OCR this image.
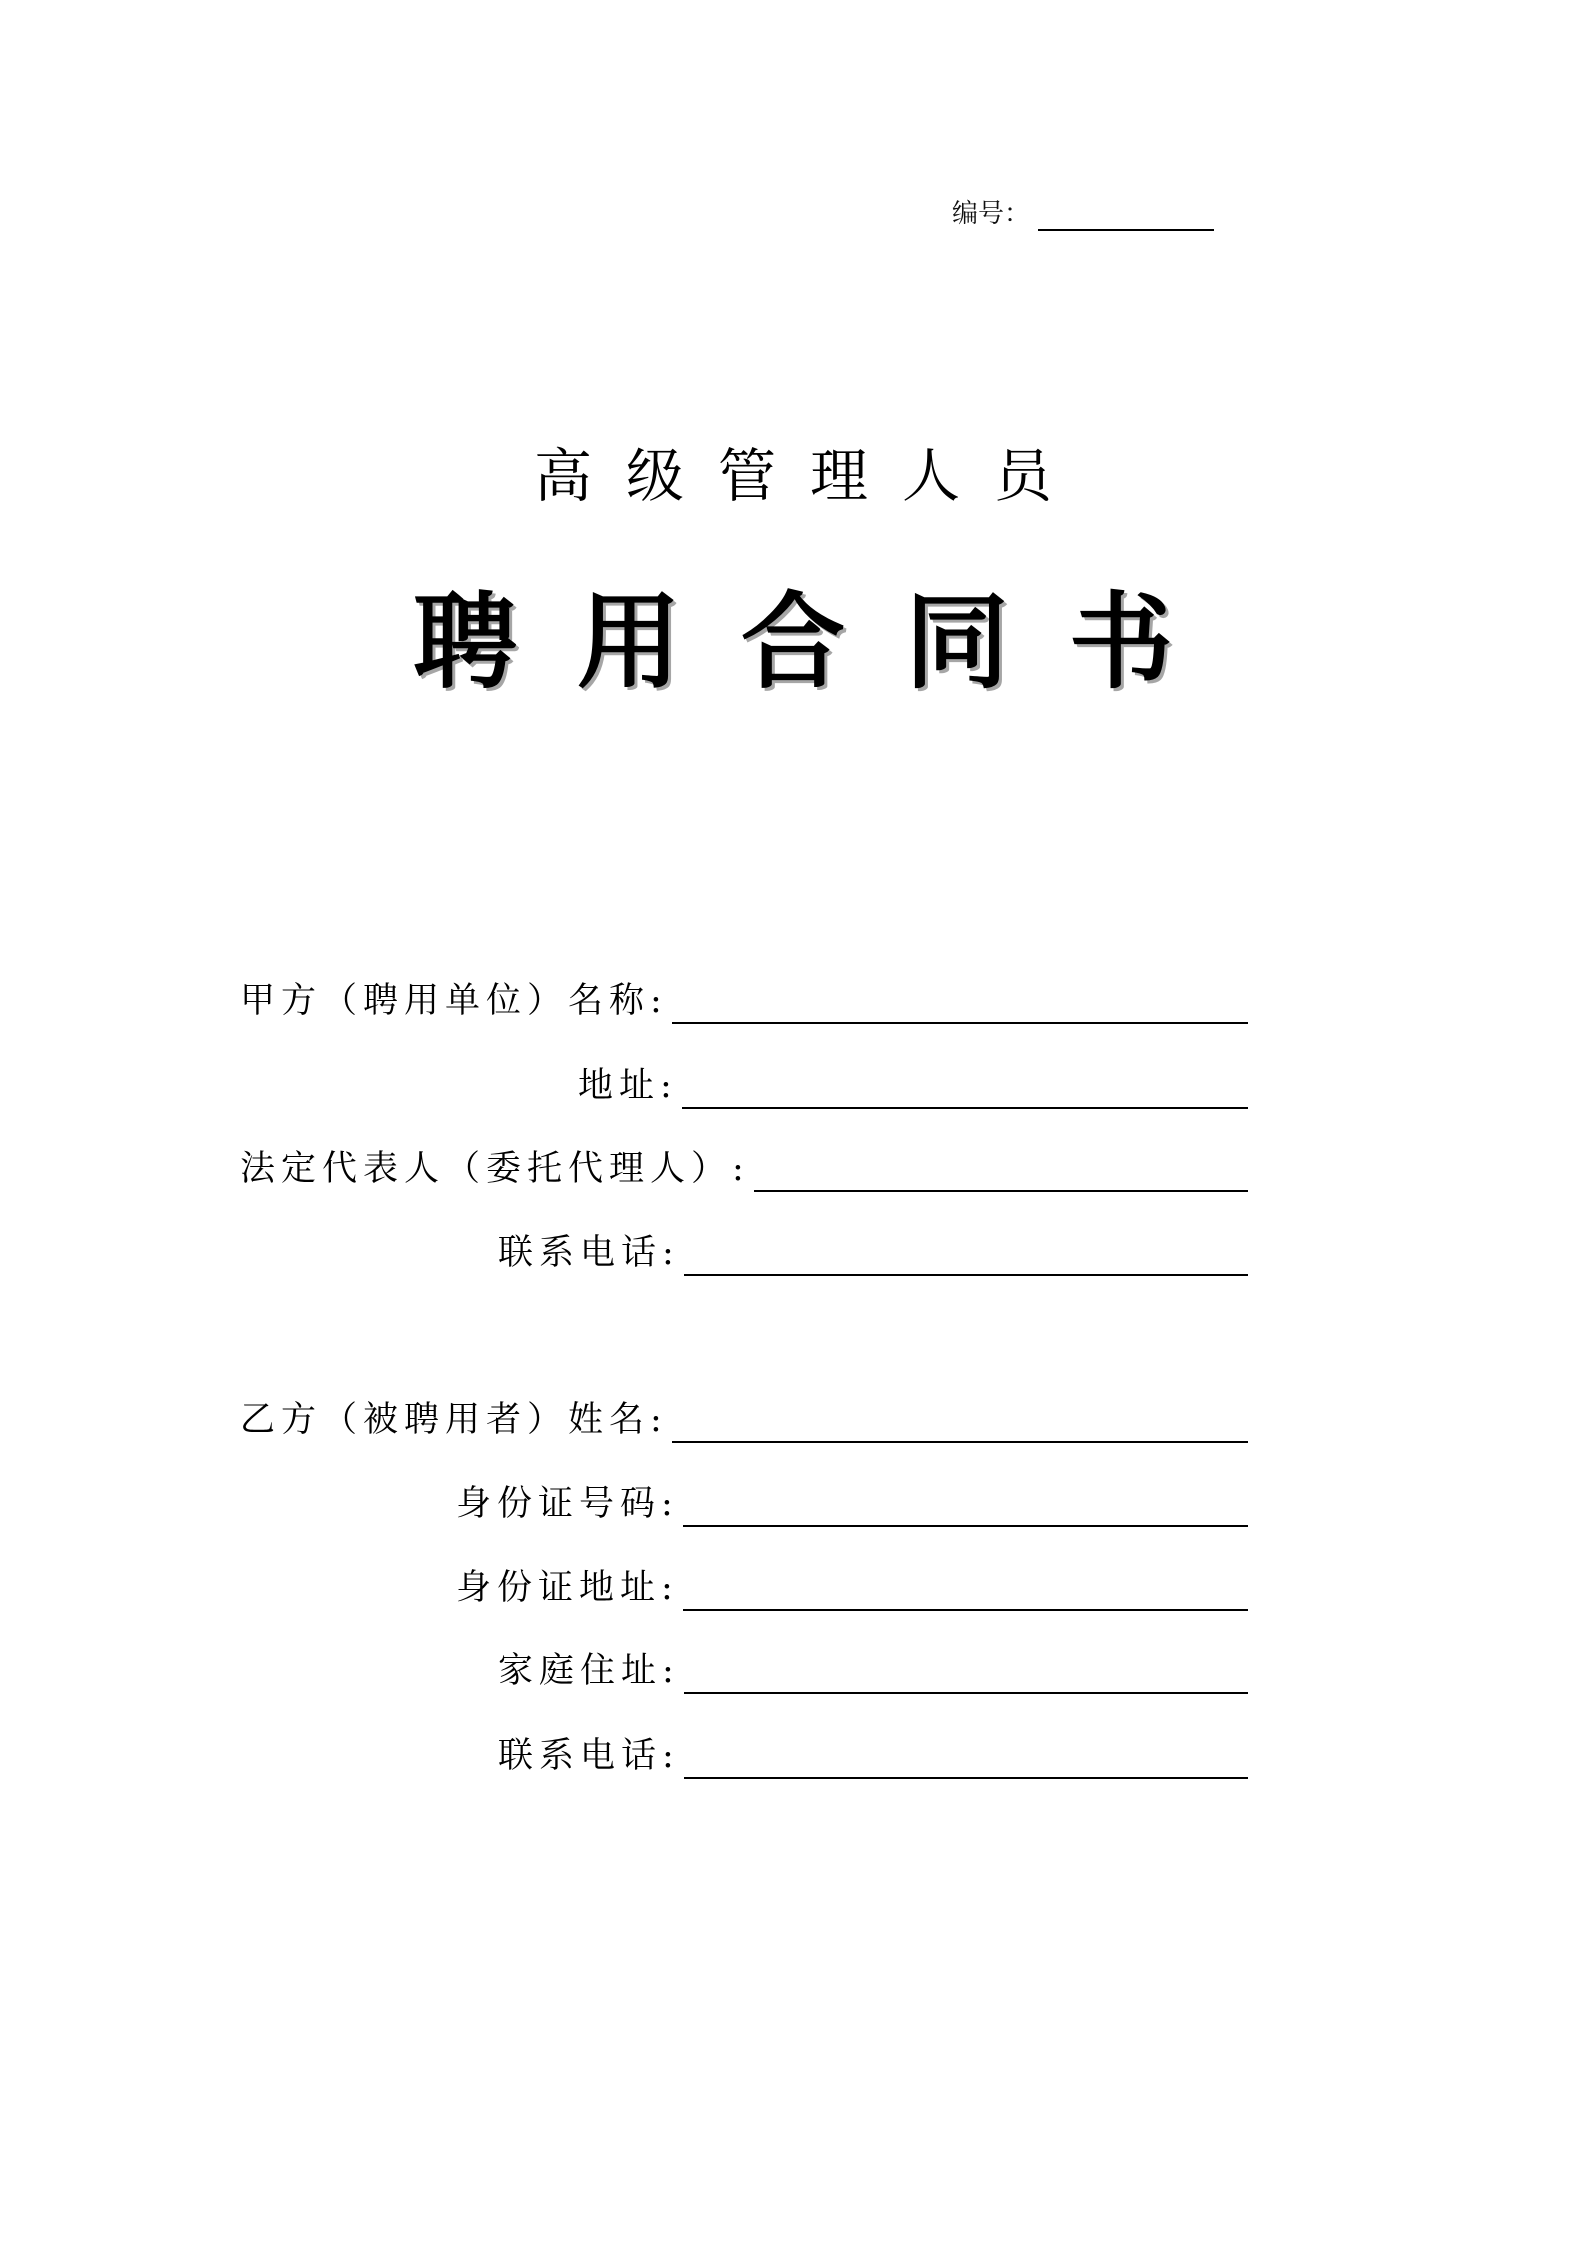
编号：
高级管理人员
聘用合同书
甲方（聘用单位）名称:
地址:
法定代表人（委托代理人）:
联系电话:
乙方（被聘用者）姓名:
身份证号码:
身份证地址:
家庭住址:
联系电话:
